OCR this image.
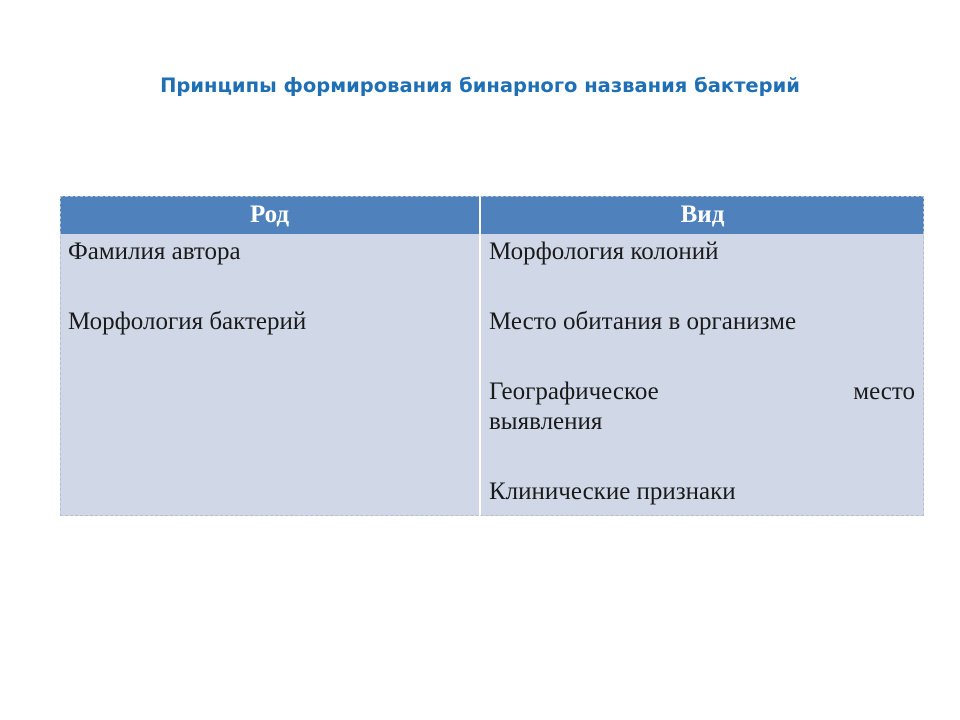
Принципы формирования бинарного названия бактерий
Род	Вид
Фамилия автора
Морфология бактерий
Морфология колоний
Место обитания в организме
Географическое	место
выявления
Клинические признаки
